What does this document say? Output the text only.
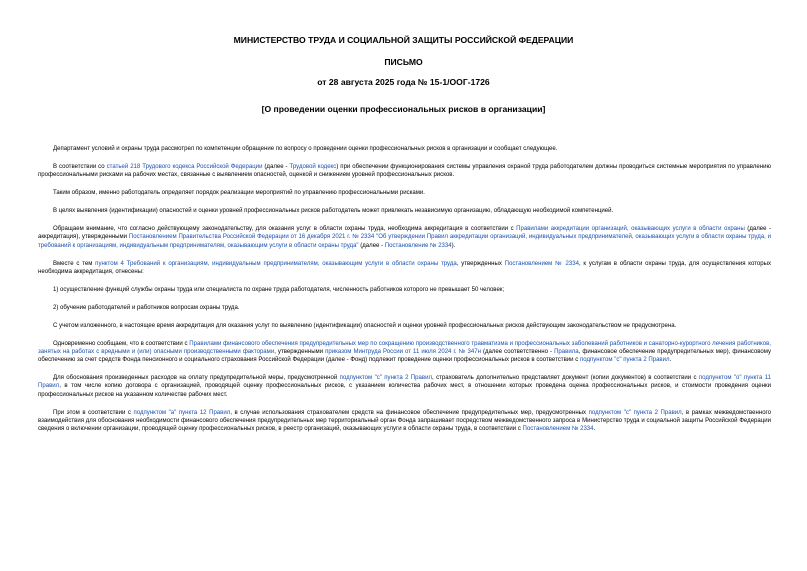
МИНИСТЕРСТВО ТРУДА И СОЦИАЛЬНОЙ ЗАЩИТЫ РОССИЙСКОЙ ФЕДЕРАЦИИ
ПИСЬМО
от 28 августа 2025 года № 15-1/ООГ-1726
[О проведении оценки профессиональных рисков в организации]

Департамент условий и охраны труда рассмотрел по компетенции обращение по вопросу о проведении оценки профессиональных рисков в организации и сообщает следующее.

В соответствии со статьей 218 Трудового кодекса Российской Федерации (далее - Трудовой кодекс) при обеспечении функционирования системы управления охраной труда работодателем должны проводиться системные мероприятия по управлению профессиональными рисками на рабочих местах, связанные с выявлением опасностей, оценкой и снижением уровней профессиональных рисков.

Таким образом, именно работодатель определяет порядок реализации мероприятий по управлению профессиональными рисками.

В целях выявления (идентификации) опасностей и оценки уровней профессиональных рисков работодатель может привлекать независимую организацию, обладающую необходимой компетенцией.

Обращаем внимание, что согласно действующему законодательству, для оказания услуг в области охраны труда, необходима аккредитация в соответствии с Правилами аккредитации организаций, оказывающих услуги в области охраны (далее - аккредитация), утвержденными Постановлением Правительства Российской Федерации от 16 декабря 2021 г. № 2334 "Об утверждении Правил аккредитации организаций, индивидуальных предпринимателей, оказывающих услуги в области охраны труда, и требований к организациям, индивидуальным предпринимателям, оказывающим услуги в области охраны труда" (далее - Постановление № 2334).

Вместе с тем пунктом 4 Требований к организациям, индивидуальным предпринимателям, оказывающим услуги в области охраны труда, утвержденных Постановлением № 2334, к услугам в области охраны труда, для осуществления которых необходима аккредитация, отнесены:

1) осуществление функций службы охраны труда или специалиста по охране труда работодателя, численность работников которого не превышает 50 человек;

2) обучение работодателей и работников вопросам охраны труда.

С учетом изложенного, в настоящее время аккредитация для оказания услуг по выявлению (идентификации) опасностей и оценки уровней профессиональных рисков действующим законодательством не предусмотрена.

Одновременно сообщаем, что в соответствии с Правилами финансового обеспечения предупредительных мер по сокращению производственного травматизма и профессиональных заболеваний работников и санаторно-курортного лечения работников, занятых на работах с вредными и (или) опасными производственными факторами, утвержденными приказом Минтруда России от 11 июля 2024 г. № 347н (далее соответственно - Правила, финансовое обеспечение предупредительных мер), финансовому обеспечению за счет средств Фонда пенсионного и социального страхования Российской Федерации (далее - Фонд) подлежит проведение оценки профессиональных рисков в соответствии с подпунктом "с" пункта 2 Правил.

Для обоснования произведенных расходов на оплату предупредительной меры, предусмотренной подпунктом "с" пункта 2 Правил, страхователь дополнительно представляет документ (копии документов) в соответствии с подпунктом "о" пункта 11 Правил, в том числе копию договора с организацией, проводящей оценку профессиональных рисков, с указанием количества рабочих мест, в отношении которых проведена оценка профессиональных рисков, и стоимости проведения оценки профессиональных рисков на указанном количестве рабочих мест.

При этом в соответствии с подпунктом "а" пункта 12 Правил, в случае использования страхователем средств на финансовое обеспечение предупредительных мер, предусмотренных подпунктом "с" пункта 2 Правил, в рамках межведомственного взаимодействия для обоснования необходимости финансового обеспечения предупредительных мер территориальный орган Фонда запрашивает посредством межведомственного запроса в Министерство труда и социальной защиты Российской Федерации сведения о включении организации, проводящей оценку профессиональных рисков, в реестр организаций, оказывающих услуги в области охраны труда, в соответствии с Постановлением № 2334.
